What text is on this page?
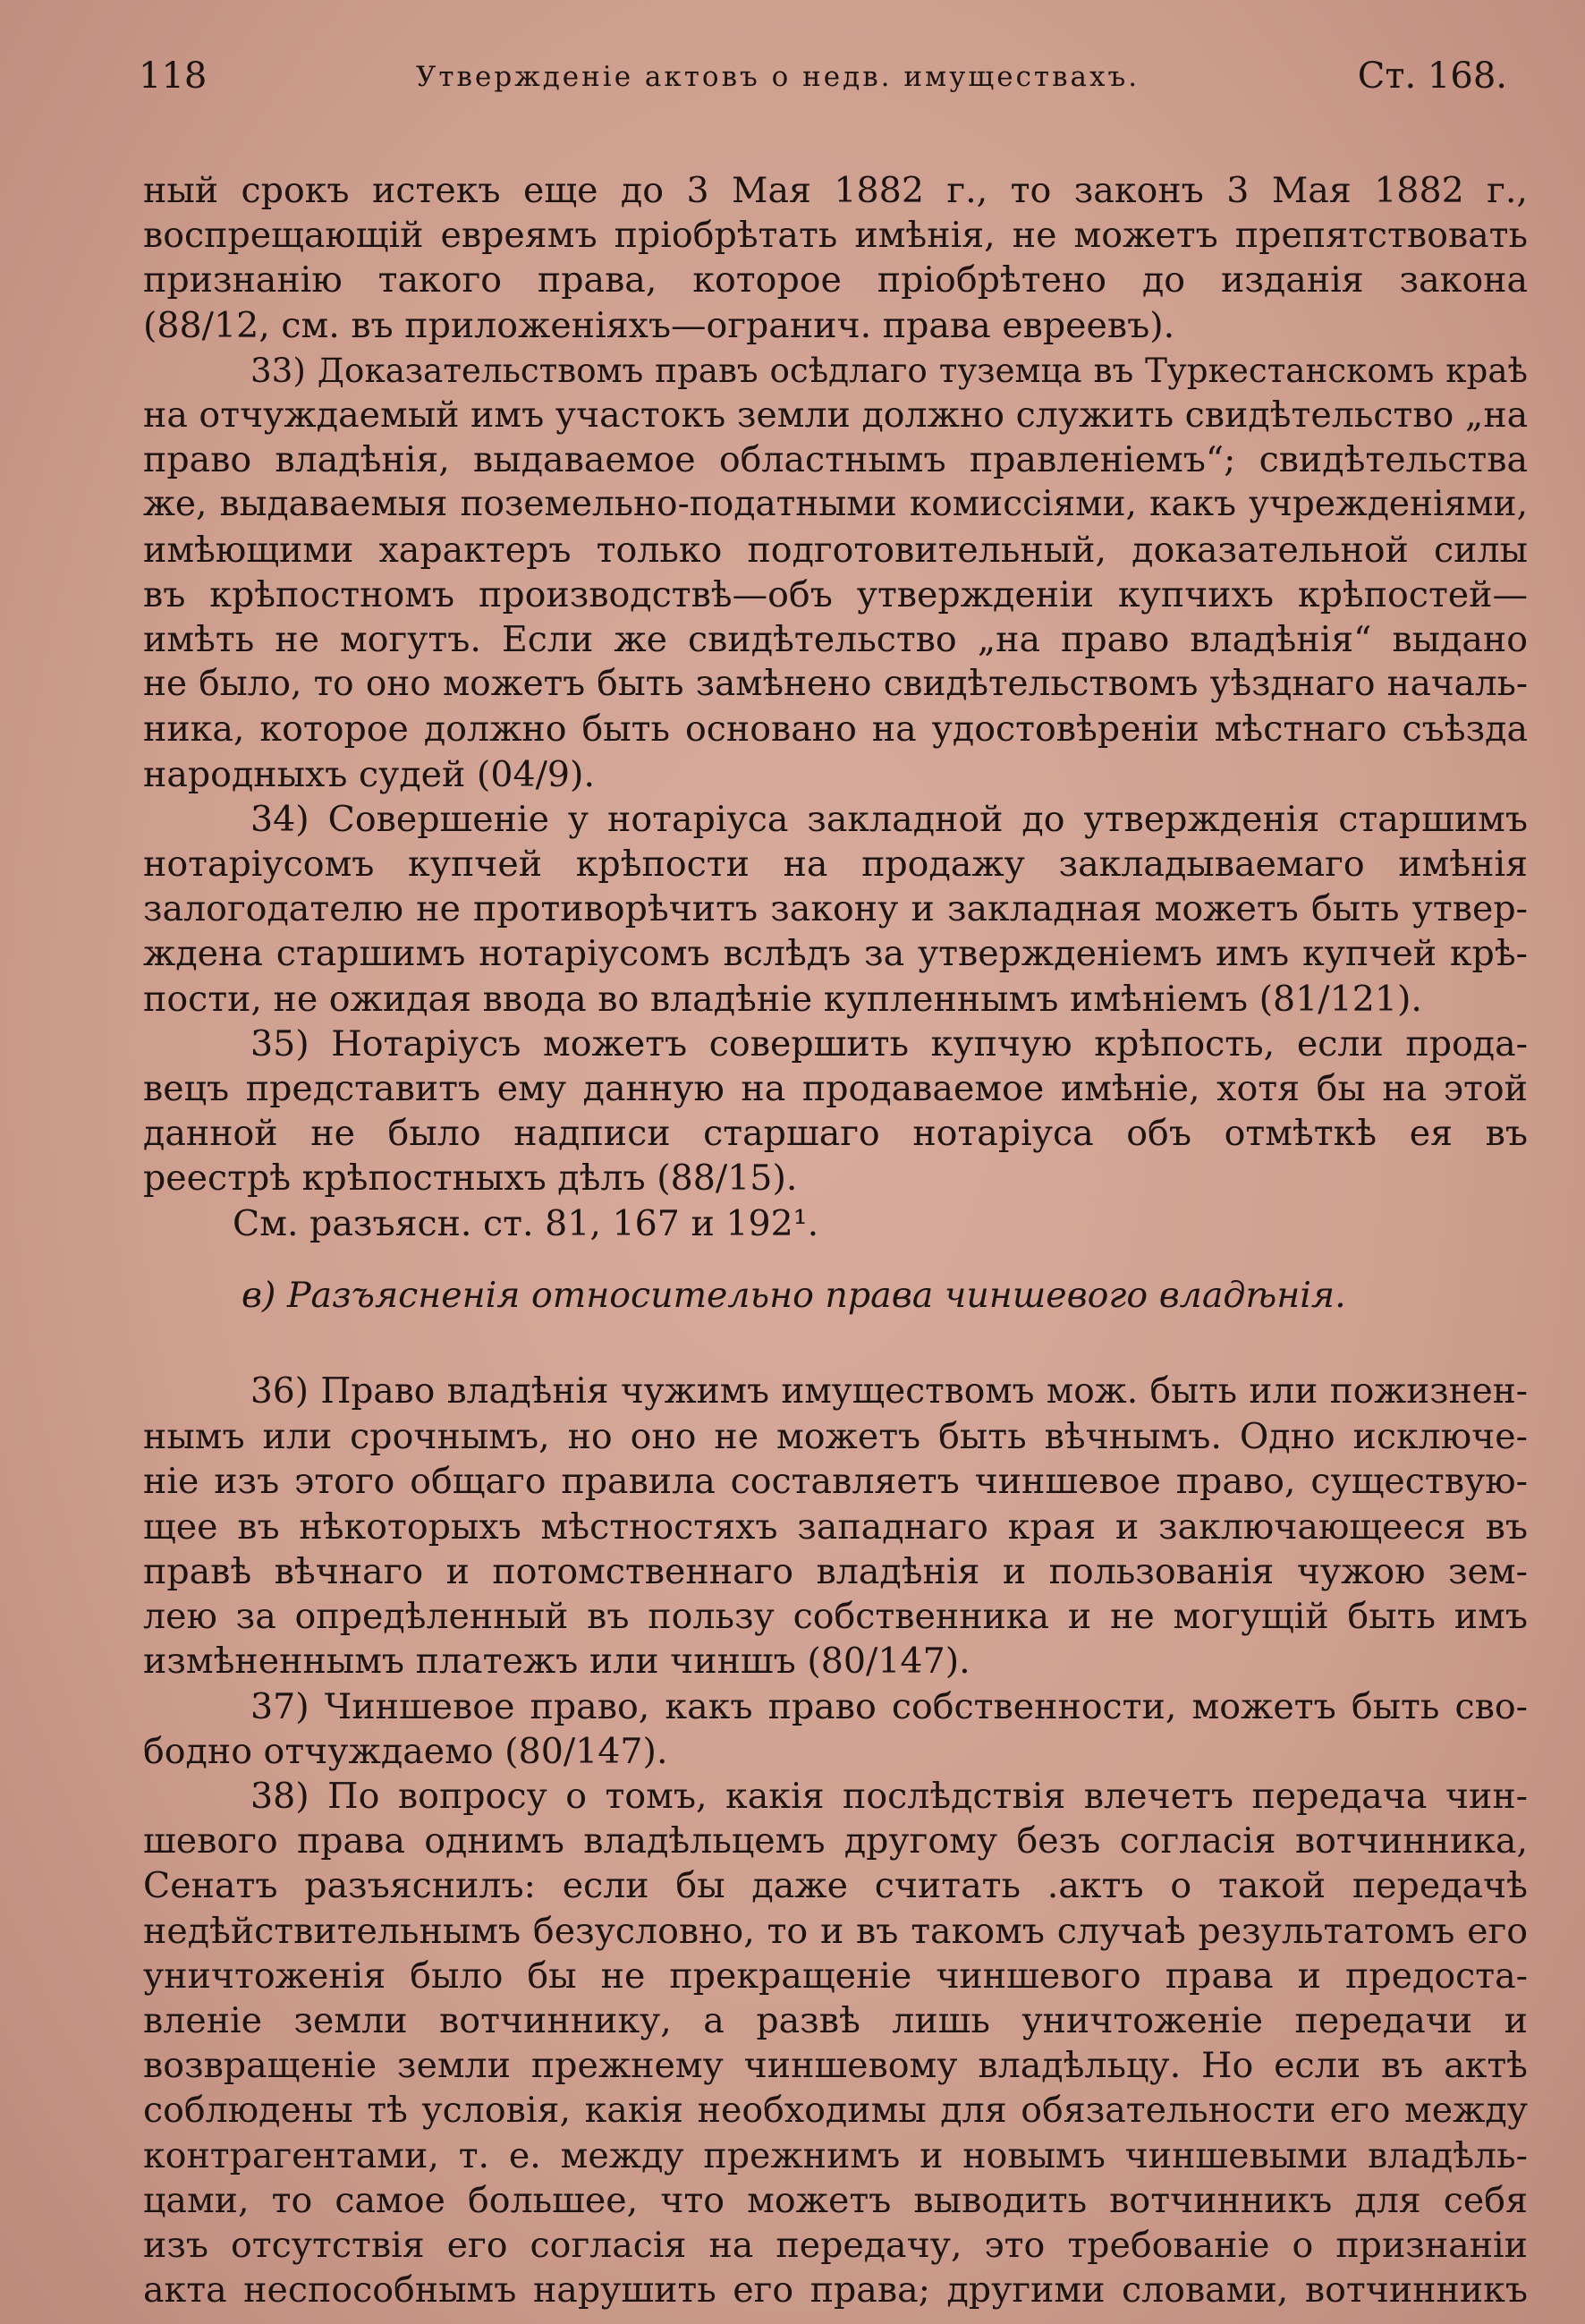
118	Утвержденіе актовъ о недв. имуществахъ.	Ст. 168.

ный срокъ истекъ еще до 3 Мая 1882 г., то законъ 3 Мая 1882 г.,
воспрещающій евреямъ пріобрѣтать имѣнія, не можетъ препятствовать
признанію такого права, которое пріобрѣтено до изданія закона
(88/12, см. въ приложеніяхъ—огранич. права евреевъ).

33) Доказательствомъ правъ осѣдлаго туземца въ Туркестанскомъ краѣ
на отчуждаемый имъ участокъ земли должно служить свидѣтельство „на
право владѣнія, выдаваемое областнымъ правленіемъ“; свидѣтельства
же, выдаваемыя поземельно-податными комиссіями, какъ учрежденіями,
имѣющими характеръ только подготовительный, доказательной силы
въ крѣпостномъ производствѣ—объ утвержденіи купчихъ крѣпостей—
имѣть не могутъ. Если же свидѣтельство „на право владѣнія“ выдано
не было, то оно можетъ быть замѣнено свидѣтельствомъ уѣзднаго началь-
ника, которое должно быть основано на удостовѣреніи мѣстнаго съѣзда
народныхъ судей (04/9).

34) Совершеніе у нотаріуса закладной до утвержденія старшимъ
нотаріусомъ купчей крѣпости на продажу закладываемаго имѣнія
залогодателю не противорѣчитъ закону и закладная можетъ быть утвер-
ждена старшимъ нотаріусомъ вслѣдъ за утвержденіемъ имъ купчей крѣ-
пости, не ожидая ввода во владѣніе купленнымъ имѣніемъ (81/121).

35) Нотаріусъ можетъ совершить купчую крѣпость, если прода-
вецъ представитъ ему данную на продаваемое имѣніе, хотя бы на этой
данной не было надписи старшаго нотаріуса объ отмѣткѣ ея въ
реестрѣ крѣпостныхъ дѣлъ (88/15).

См. разъясн. ст. 81, 167 и 192¹.

в) Разъясненія относительно права чиншевого владѣнія.

36) Право владѣнія чужимъ имуществомъ мож. быть или пожизнен-
нымъ или срочнымъ, но оно не можетъ быть вѣчнымъ. Одно исключе-
ніе изъ этого общаго правила составляетъ чиншевое право, существую-
щее въ нѣкоторыхъ мѣстностяхъ западнаго края и заключающееся въ
правѣ вѣчнаго и потомственнаго владѣнія и пользованія чужою зем-
лею за опредѣленный въ пользу собственника и не могущій быть имъ
измѣненнымъ платежъ или чиншъ (80/147).

37) Чиншевое право, какъ право собственности, можетъ быть сво-
бодно отчуждаемо (80/147).

38) По вопросу о томъ, какія послѣдствія влечетъ передача чин-
шевого права однимъ владѣльцемъ другому безъ согласія вотчинника,
Сенатъ разъяснилъ: если бы даже считать .актъ о такой передачѣ
недѣйствительнымъ безусловно, то и въ такомъ случаѣ результатомъ его
уничтоженія было бы не прекращеніе чиншевого права и предоста-
вленіе земли вотчиннику, а развѣ лишь уничтоженіе передачи и
возвращеніе земли прежнему чиншевому владѣльцу. Но если въ актѣ
соблюдены тѣ условія, какія необходимы для обязательности его между
контрагентами, т. е. между прежнимъ и новымъ чиншевыми владѣль-
цами, то самое большее, что можетъ выводить вотчинникъ для себя
изъ отсутствія его согласія на передачу, это требованіе о признаніи
акта неспособнымъ нарушить его права; другими словами, вотчинникъ
